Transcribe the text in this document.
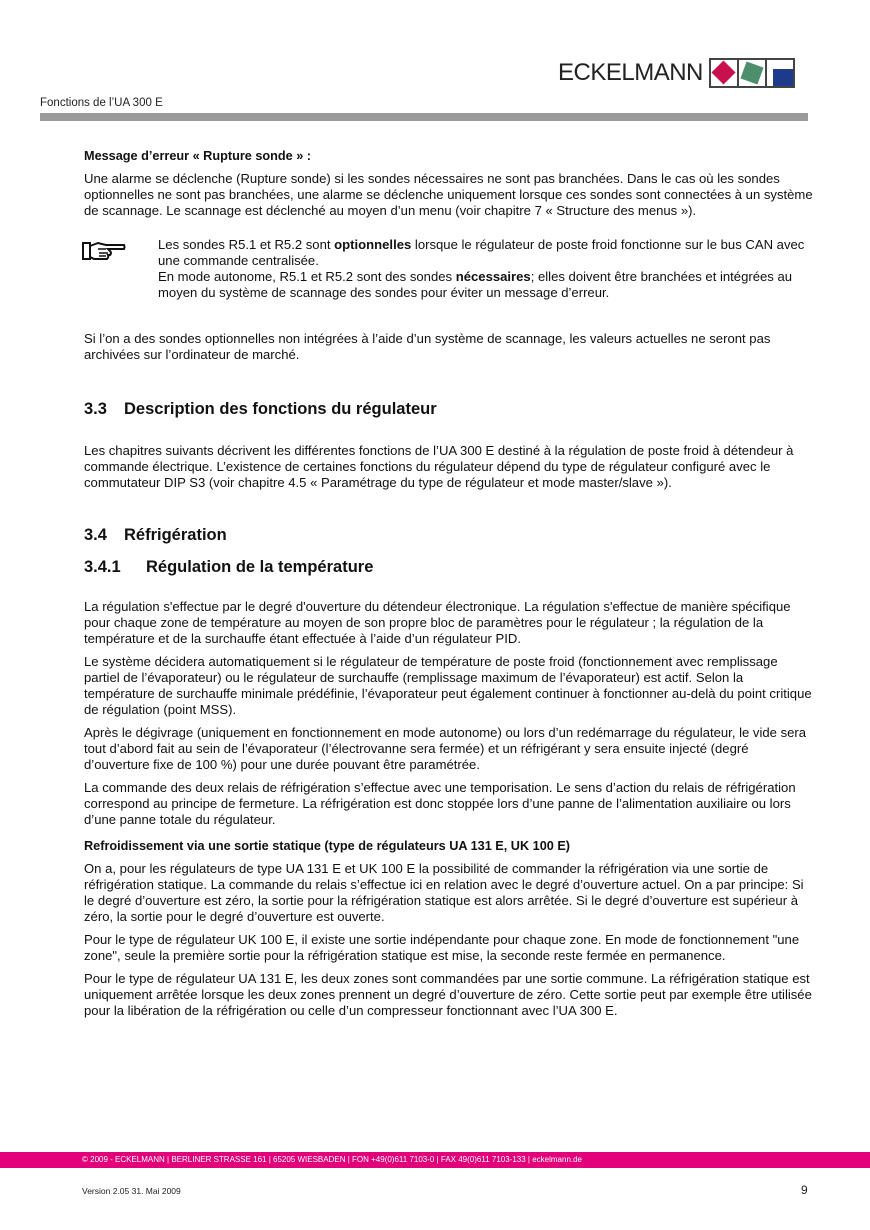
ECKELMANN
Fonctions de l’UA 300 E
Message d’erreur « Rupture sonde » :

Une alarme se déclenche (Rupture sonde) si les sondes nécessaires ne sont pas branchées. Dans le cas où les sondes optionnelles ne sont pas branchées, une alarme se déclenche uniquement lorsque ces sondes sont connectées à un système de scannage. Le scannage est déclenché au moyen d’un menu (voir chapitre 7 « Structure des menus »).

Les sondes R5.1 et R5.2 sont optionnelles lorsque le régulateur de poste froid fonctionne sur le bus CAN avec une commande centralisée.
En mode autonome, R5.1 et R5.2 sont des sondes nécessaires; elles doivent être branchées et intégrées au moyen du système de scannage des sondes pour éviter un message d’erreur.

Si l’on a des sondes optionnelles non intégrées à l’aide d’un système de scannage, les valeurs actuelles ne seront pas archivées sur l’ordinateur de marché.

3.3	Description des fonctions du régulateur

Les chapitres suivants décrivent les différentes fonctions de l’UA 300 E destiné à la régulation de poste froid à détendeur à commande électrique. L’existence de certaines fonctions du régulateur dépend du type de régulateur configuré avec le commutateur DIP S3 (voir chapitre 4.5 « Paramétrage du type de régulateur et mode master/slave »).

3.4	Réfrigération
3.4.1	Régulation de la température

La régulation s'effectue par le degré d'ouverture du détendeur électronique. La régulation s'effectue de manière spécifique pour chaque zone de température au moyen de son propre bloc de paramètres pour le régulateur ; la régulation de la température et de la surchauffe étant effectuée à l’aide d’un régulateur PID.

Le système décidera automatiquement si le régulateur de température de poste froid (fonctionnement avec remplissage partiel de l’évaporateur) ou le régulateur de surchauffe (remplissage maximum de l’évaporateur) est actif. Selon la température de surchauffe minimale prédéfinie, l’évaporateur peut également continuer à fonctionner au-delà du point critique de régulation (point MSS).

Après le dégivrage (uniquement en fonctionnement en mode autonome) ou lors d’un redémarrage du régulateur, le vide sera tout d’abord fait au sein de l’évaporateur (l’électrovanne sera fermée) et un réfrigérant y sera ensuite injecté (degré d’ouverture fixe de 100 %) pour une durée pouvant être paramétrée.

La commande des deux relais de réfrigération s’effectue avec une temporisation. Le sens d’action du relais de réfrigération correspond au principe de fermeture. La réfrigération est donc stoppée lors d’une panne de l’alimentation auxiliaire ou lors d’une panne totale du régulateur.

Refroidissement via une sortie statique (type de régulateurs UA 131 E, UK 100 E)

On a, pour les régulateurs de type UA 131 E et UK 100 E la possibilité de commander la réfrigération via une sortie de réfrigération statique. La commande du relais s’effectue ici en relation avec le degré d’ouverture actuel. On a par principe: Si le degré d’ouverture est zéro, la sortie pour la réfrigération statique est alors arrêtée. Si le degré d’ouverture est supérieur à zéro, la sortie pour le degré d’ouverture est ouverte.

Pour le type de régulateur UK 100 E, il existe une sortie indépendante pour chaque zone. En mode de fonctionnement "une zone", seule la première sortie pour la réfrigération statique est mise, la seconde reste fermée en permanence.

Pour le type de régulateur UA 131 E, les deux zones sont commandées par une sortie commune. La réfrigération statique est uniquement arrêtée lorsque les deux zones prennent un degré d’ouverture de zéro. Cette sortie peut par exemple être utilisée pour la libération de la réfrigération ou celle d’un compresseur fonctionnant avec l’UA 300 E.

© 2009 - ECKELMANN | BERLINER STRASSE 161 | 65205 WIESBADEN | FON +49(0)611 7103-0 | FAX 49(0)611 7103-133 | eckelmann.de
Version 2.05 31. Mai 2009	9
